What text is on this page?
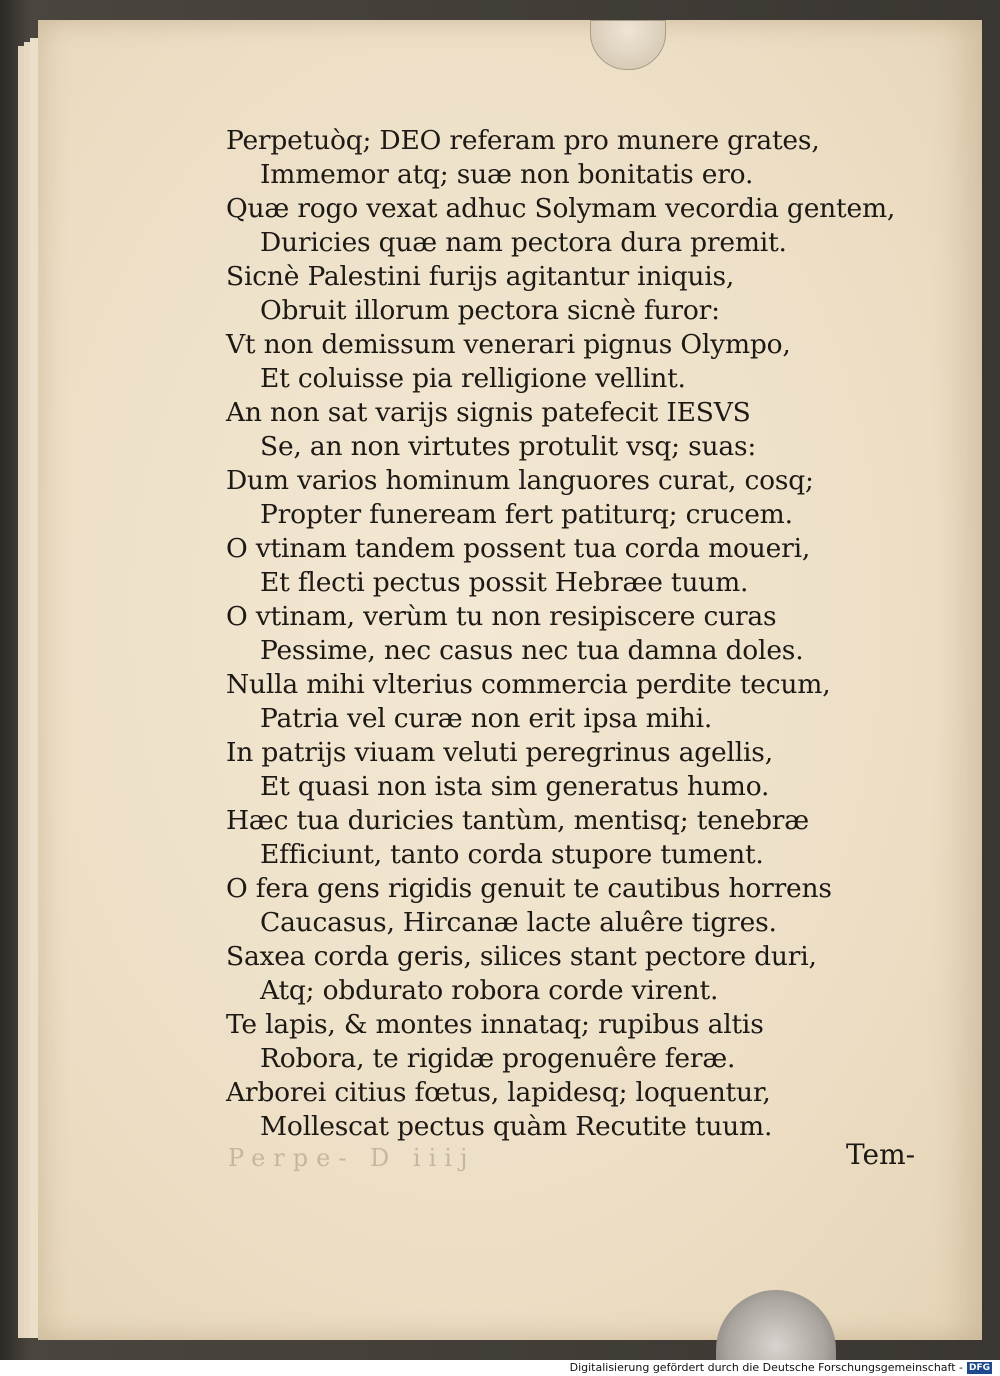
Perpetuòq; DEO referam pro munere grates,
Immemor atq; suæ non bonitatis ero.
Quæ rogo vexat adhuc Solymam vecordia gentem,
Duricies quæ nam pectora dura premit.
Sicnè Palestini furijs agitantur iniquis,
Obruit illorum pectora sicnè furor:
Vt non demissum venerari pignus Olympo,
Et coluisse pia relligione vellint.
An non sat varijs signis patefecit IESVS
Se, an non virtutes protulit vsq; suas:
Dum varios hominum languores curat, cosq;
Propter funeream fert patiturq; crucem.
O vtinam tandem possent tua corda moueri,
Et flecti pectus possit Hebræe tuum.
O vtinam, verùm tu non resipiscere curas
Pessime, nec casus nec tua damna doles.
Nulla mihi vlterius commercia perdite tecum,
Patria vel curæ non erit ipsa mihi.
In patrijs viuam veluti peregrinus agellis,
Et quasi non ista sim generatus humo.
Hæc tua duricies tantùm, mentisq; tenebræ
Efficiunt, tanto corda stupore tument.
O fera gens rigidis genuit te cautibus horrens
Caucasus, Hircanæ lacte aluêre tigres.
Saxea corda geris, silices stant pectore duri,
Atq; obdurato robora corde virent.
Te lapis, & montes innataq; rupibus altis
Robora, te rigidæ progenuêre feræ.
Arborei citius fœtus, lapidesq; loquentur,
Mollescat pectus quàm Recutite tuum.
Perpe- D iiij	Tem-
Digitalisierung gefördert durch die Deutsche Forschungsgemeinschaft - DFG
